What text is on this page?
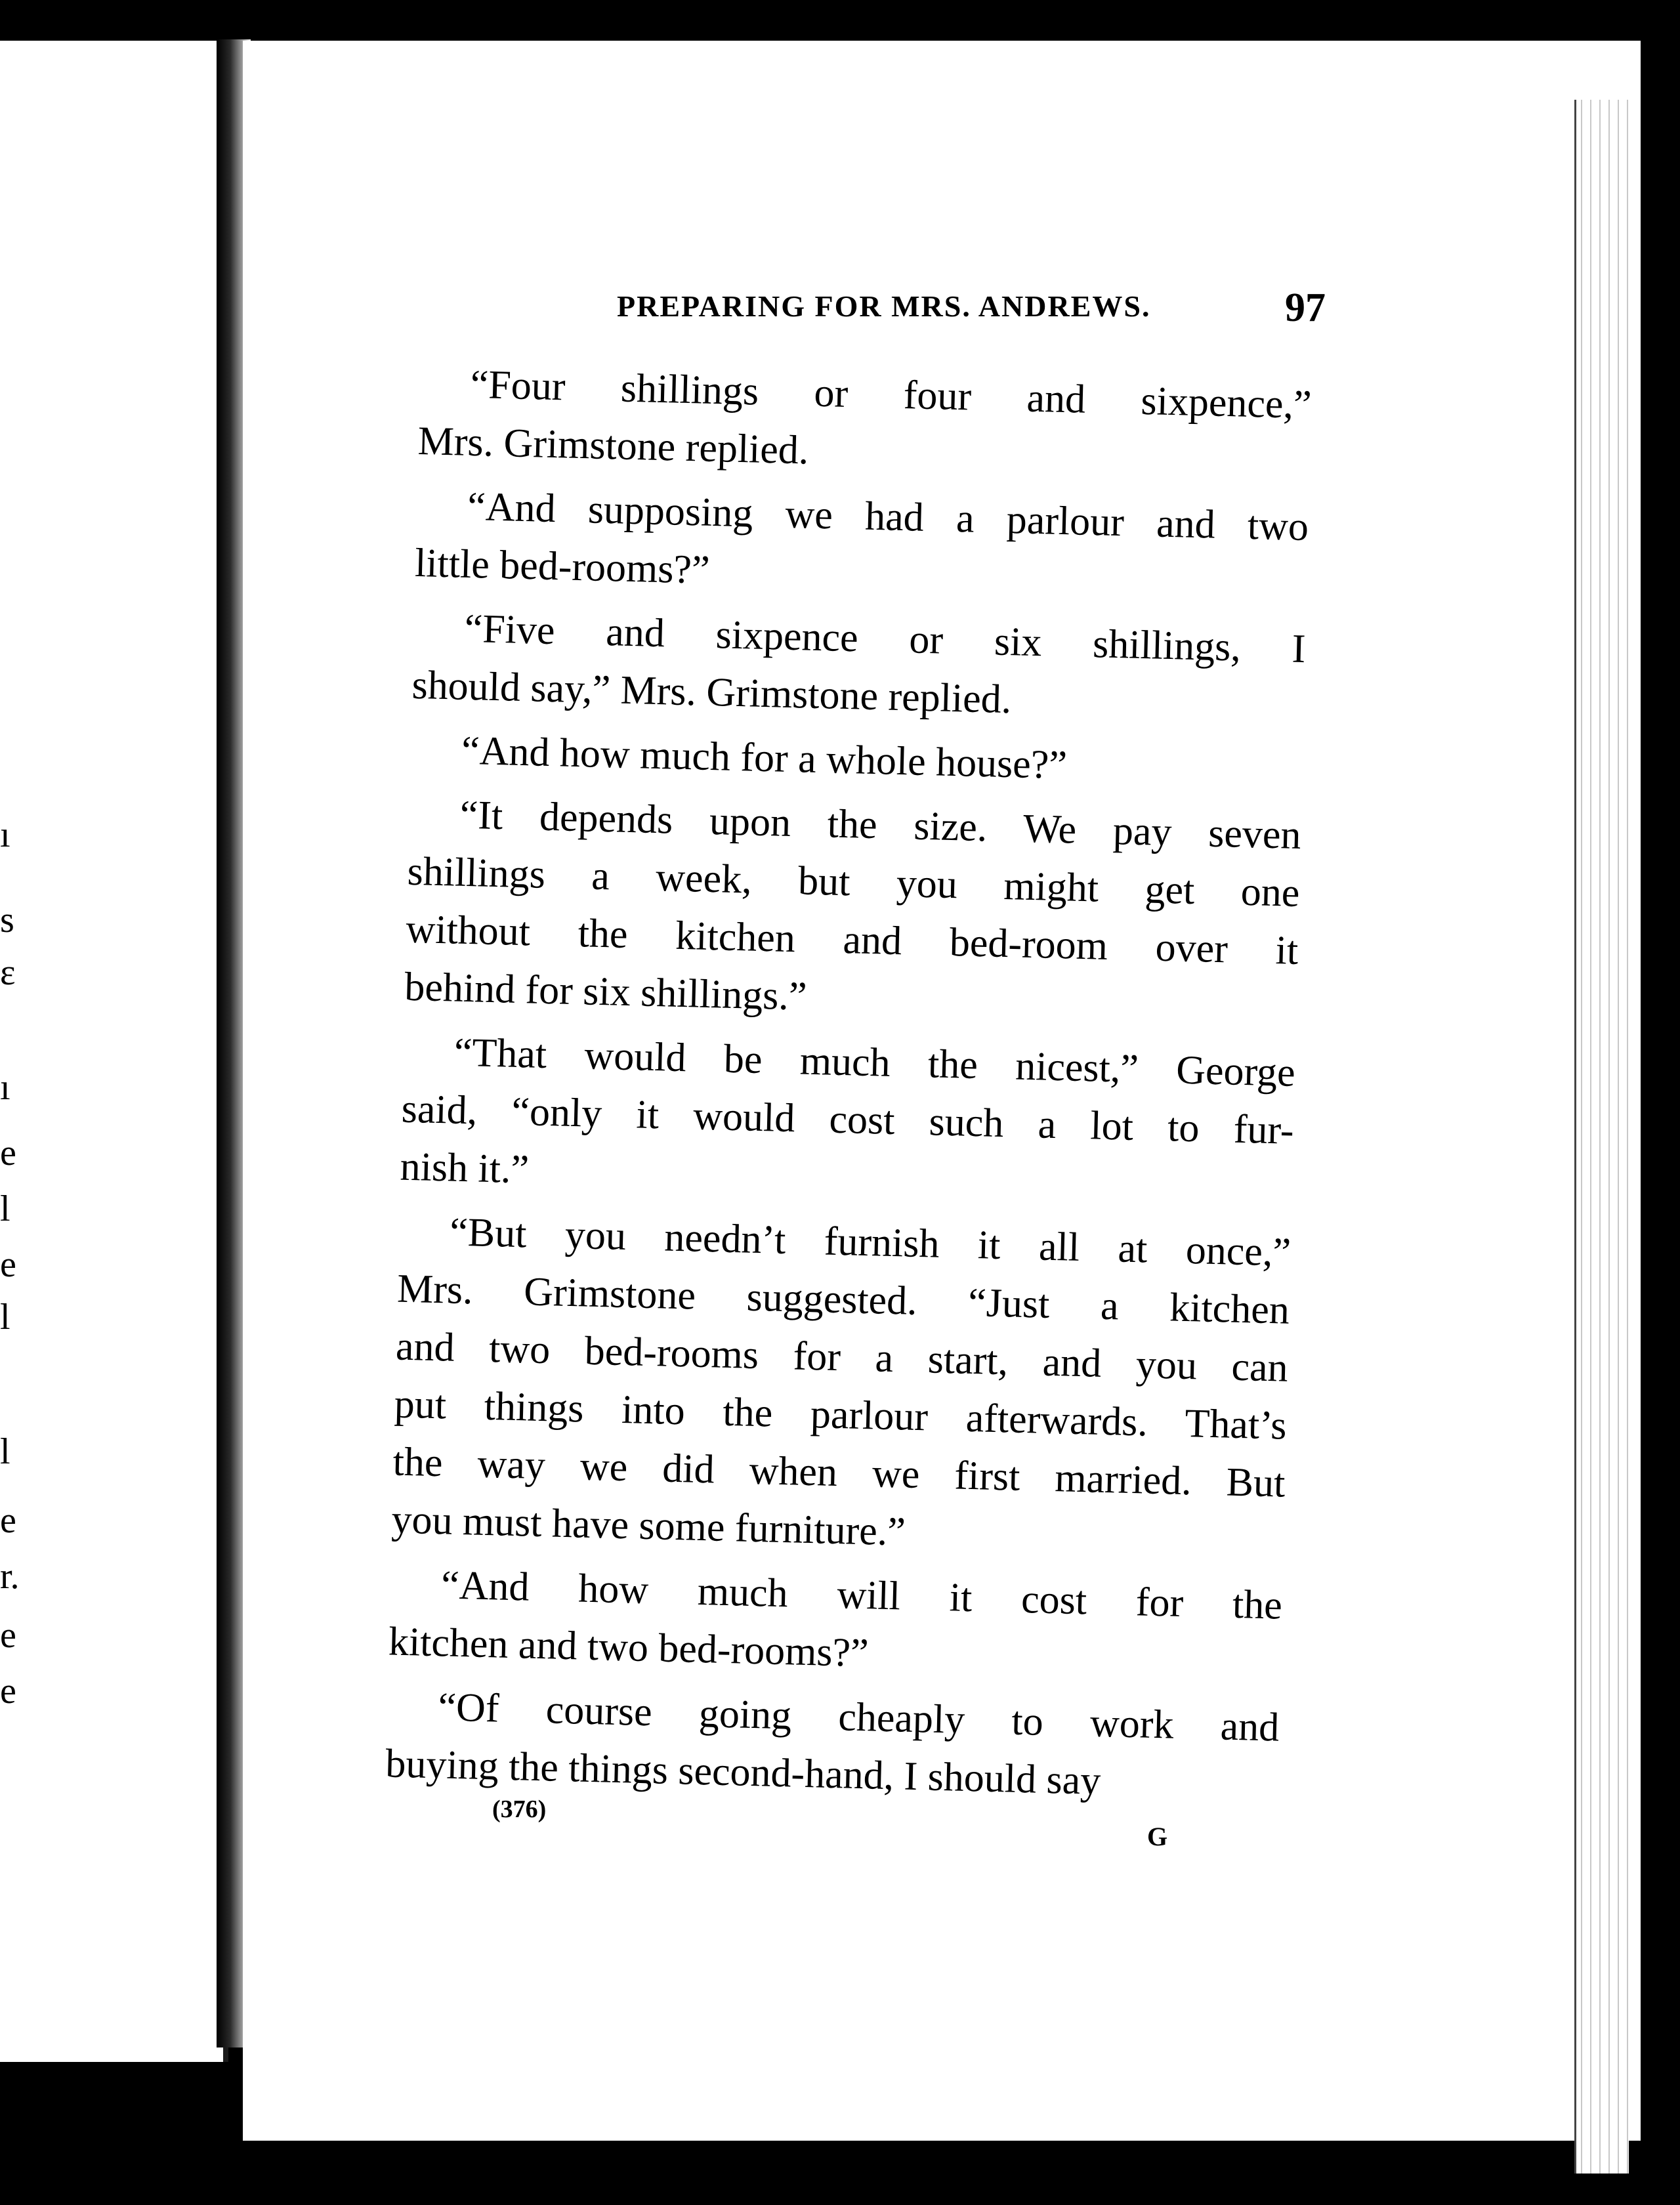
ı
s
ɛ
ı
e
l
e
l
l
e
r.
e
e
PREPARING FOR MRS. ANDREWS.	97
“Four shillings or four and sixpence,”
Mrs. Grimstone replied.
“And supposing we had a parlour and two
little bed-rooms?”
“Five and sixpence or six shillings, I
should say,” Mrs. Grimstone replied.
“And how much for a whole house?”
“It depends upon the size. We pay seven
shillings a week, but you might get one
without the kitchen and bed-room over it
behind for six shillings.”
“That would be much the nicest,” George
said, “only it would cost such a lot to fur-
nish it.”
“But you needn’t furnish it all at once,”
Mrs. Grimstone suggested. “Just a kitchen
and two bed-rooms for a start, and you can
put things into the parlour afterwards. That’s
the way we did when we first married. But
you must have some furniture.”
“And how much will it cost for the
kitchen and two bed-rooms?”
“Of course going cheaply to work and
buying the things second-hand, I should say
(376)
G
